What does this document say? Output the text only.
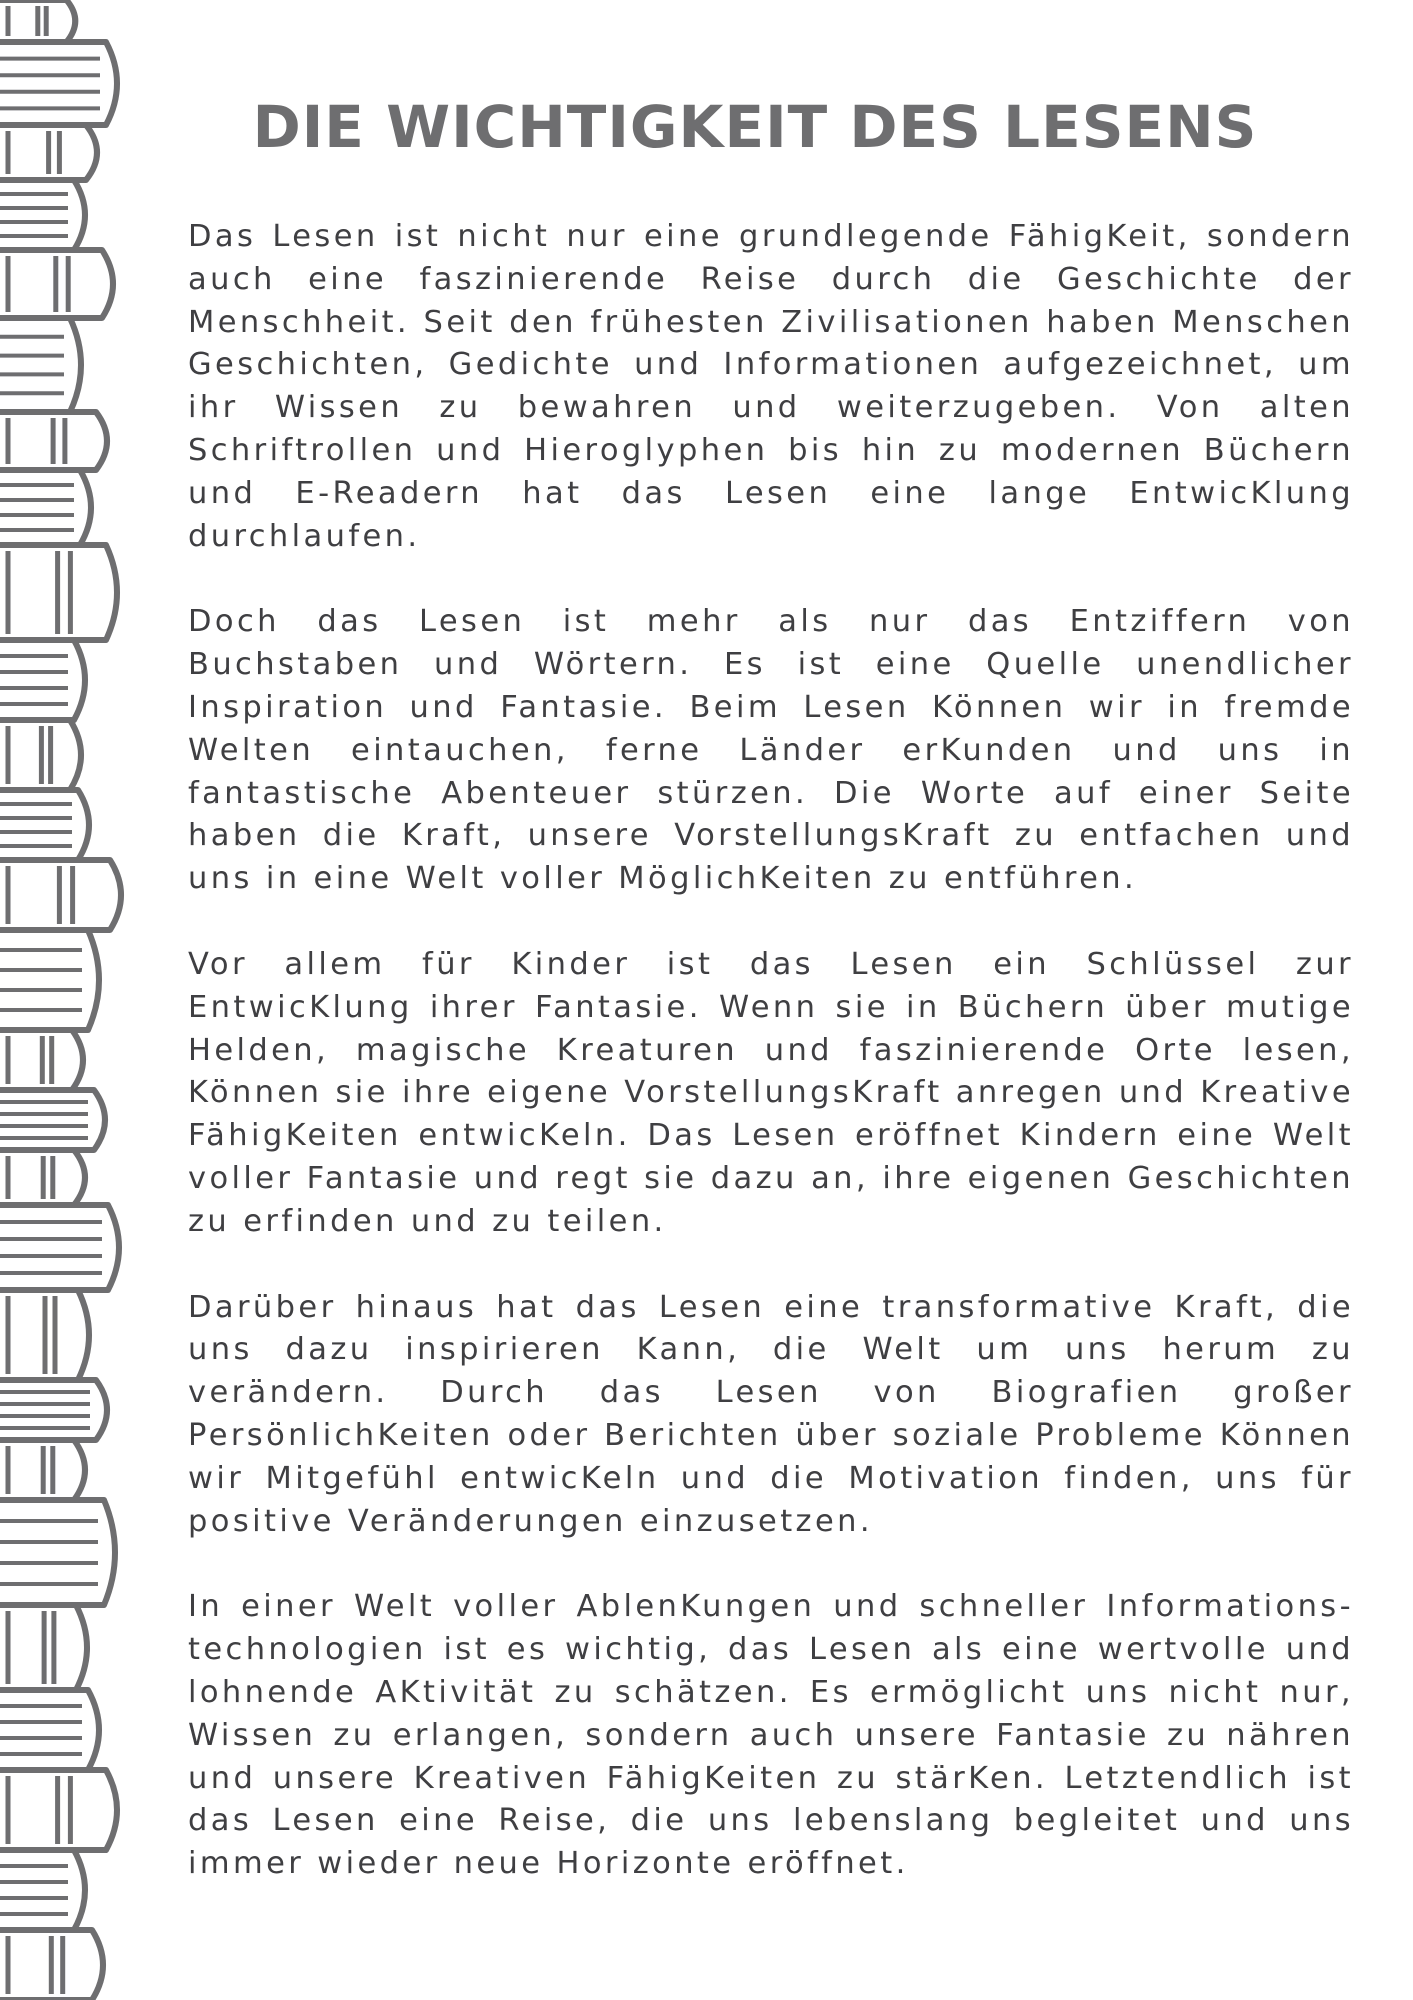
DIE WICHTIGKEIT DES LESENS

Das Lesen ist nicht nur eine grundlegende FähigKeit, sondern auch eine faszinierende Reise durch die Geschichte der Menschheit. Seit den frühesten Zivilisationen haben Menschen Geschichten, Gedichte und Informationen aufgezeichnet, um ihr Wissen zu bewahren und weiterzugeben. Von alten Schriftrollen und Hieroglyphen bis hin zu modernen Büchern und E-Readern hat das Lesen eine lange EntwicKlung durchlaufen.

Doch das Lesen ist mehr als nur das Entziffern von Buchstaben und Wörtern. Es ist eine Quelle unendlicher Inspiration und Fantasie. Beim Lesen Können wir in fremde Welten eintauchen, ferne Länder erKunden und uns in fantastische Abenteuer stürzen. Die Worte auf einer Seite haben die Kraft, unsere VorstellungsKraft zu entfachen und uns in eine Welt voller MöglichKeiten zu entführen.

Vor allem für Kinder ist das Lesen ein Schlüssel zur EntwicKlung ihrer Fantasie. Wenn sie in Büchern über mutige Helden, magische Kreaturen und faszinierende Orte lesen, Können sie ihre eigene VorstellungsKraft anregen und Kreative FähigKeiten entwicKeln. Das Lesen eröffnet Kindern eine Welt voller Fantasie und regt sie dazu an, ihre eigenen Geschichten zu erfinden und zu teilen.

Darüber hinaus hat das Lesen eine transformative Kraft, die uns dazu inspirieren Kann, die Welt um uns herum zu verändern. Durch das Lesen von Biografien großer PersönlichKeiten oder Berichten über soziale Probleme Können wir Mitgefühl entwicKeln und die Motivation finden, uns für positive Veränderungen einzusetzen.

In einer Welt voller AblenKungen und schneller Informations-technologien ist es wichtig, das Lesen als eine wertvolle und lohnende AKtivität zu schätzen. Es ermöglicht uns nicht nur, Wissen zu erlangen, sondern auch unsere Fantasie zu nähren und unsere Kreativen FähigKeiten zu stärKen. Letztendlich ist das Lesen eine Reise, die uns lebenslang begleitet und uns immer wieder neue Horizonte eröffnet.
